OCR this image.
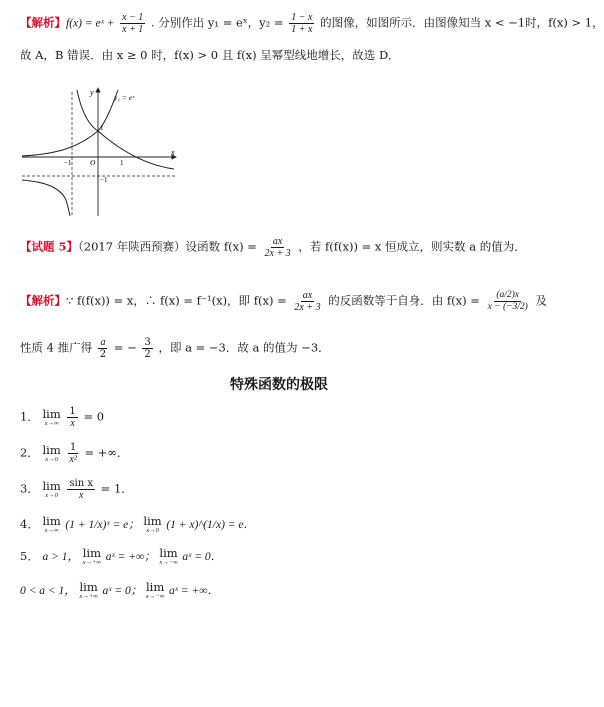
【解析】f(x) = eˣ + $\frac{x - 1}{x + 1}$ . 分别作出 y₁ = eˣ，$y_2 = \frac{1 - x}{1 + x}$ 的图像，如图所示．由图像知当 x < −1时，f(x) > 1，
故 A，B 错误．由 x ≥ 0 时，f(x) > 0 且 f(x) 呈幂型线地增长，故选 D．
y
x
y₁ = eˣ
O
−1	1
1
−1
【试题 5】（2017 年陕西预赛）设函数 $f(x) = \frac{ax}{2x + 3}$ ，若 f(f(x)) = x 恒成立，则实数 a 的值为．
【解析】∵ f(f(x)) = x，∴ f(x) = f⁻¹(x)，即 $f(x) = \frac{ax}{2x + 3}$ 的反函数等于自身．由 $f(x) = \frac{(a/2)x}{x - (-3/2)}$ 及
性质 4 推广得 $\frac{a}{2}$ = − $\frac{3}{2}$ ，即 a = −3．故 a 的值为 −3．
特殊函数的极限
1． lim
x→∞
$\frac{1}{x} = 0$
2． lim
x→0
$\frac{1}{\text{x²}}$ = +∞．
3． lim
x→0
$\frac{\text{sin x}}{x} = 1$．
4． lim
x→∞ (1 + 1/x)ˣ = e； lim
x→0 (1 + x)^(1/x) = e．
5． a > 1， lim
x→+∞ aˣ = +∞； lim
x→−∞ aˣ = 0．
0 < a < 1， lim
x→+∞ aˣ = 0； lim
x→−∞ aˣ = +∞．
